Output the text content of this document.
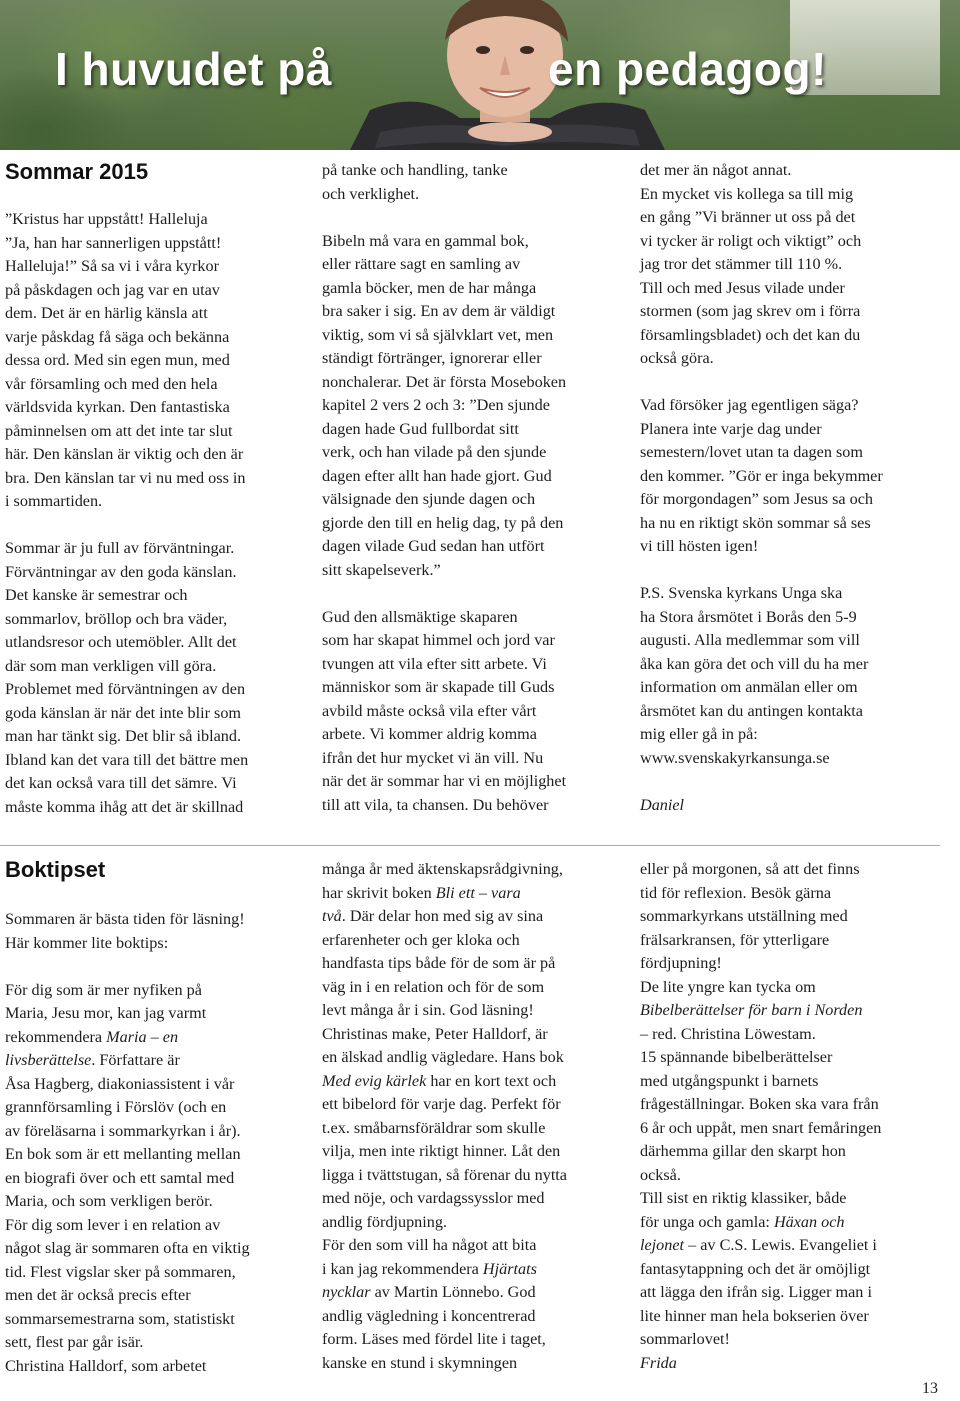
I huvudet på	en pedagog!
Sommar 2015
”Kristus har uppstått! Halleluja
”Ja, han har sannerligen uppstått!
Halleluja!” Så sa vi i våra kyrkor
på påskdagen och jag var en utav
dem. Det är en härlig känsla att
varje påskdag få säga och bekänna
dessa ord. Med sin egen mun, med
vår församling och med den hela
världsvida kyrkan. Den fantastiska
påminnelsen om att det inte tar slut
här. Den känslan är viktig och den är
bra. Den känslan tar vi nu med oss in
i sommartiden.

Sommar är ju full av förväntningar.
Förväntningar av den goda känslan.
Det kanske är semestrar och
sommarlov, bröllop och bra väder,
utlandsresor och utemöbler. Allt det
där som man verkligen vill göra.
Problemet med förväntningen av den
goda känslan är när det inte blir som
man har tänkt sig. Det blir så ibland.
Ibland kan det vara till det bättre men
det kan också vara till det sämre. Vi
måste komma ihåg att det är skillnad
på tanke och handling, tanke
och verklighet.

Bibeln må vara en gammal bok,
eller rättare sagt en samling av
gamla böcker, men de har många
bra saker i sig. En av dem är väldigt
viktig, som vi så självklart vet, men
ständigt förtränger, ignorerar eller
nonchalerar. Det är första Moseboken
kapitel 2 vers 2 och 3: ”Den sjunde
dagen hade Gud fullbordat sitt
verk, och han vilade på den sjunde
dagen efter allt han hade gjort. Gud
välsignade den sjunde dagen och
gjorde den till en helig dag, ty på den
dagen vilade Gud sedan han utfört
sitt skapelseverk.”

Gud den allsmäktige skaparen
som har skapat himmel och jord var
tvungen att vila efter sitt arbete. Vi
människor som är skapade till Guds
avbild måste också vila efter vårt
arbete. Vi kommer aldrig komma
ifrån det hur mycket vi än vill. Nu
när det är sommar har vi en möjlighet
till att vila, ta chansen. Du behöver
det mer än något annat.
En mycket vis kollega sa till mig
en gång ”Vi bränner ut oss på det
vi tycker är roligt och viktigt” och
jag tror det stämmer till 110 %.
Till och med Jesus vilade under
stormen (som jag skrev om i förra
församlingsbladet) och det kan du
också göra.

Vad försöker jag egentligen säga?
Planera inte varje dag under
semestern/lovet utan ta dagen som
den kommer. ”Gör er inga bekymmer
för morgondagen” som Jesus sa och
ha nu en riktigt skön sommar så ses
vi till hösten igen!

P.S. Svenska kyrkans Unga ska
ha Stora årsmötet i Borås den 5-9
augusti. Alla medlemmar som vill
åka kan göra det och vill du ha mer
information om anmälan eller om
årsmötet kan du antingen kontakta
mig eller gå in på:
www.svenskakyrkansunga.se

Daniel
Boktipset
Sommaren är bästa tiden för läsning!
Här kommer lite boktips:

För dig som är mer nyfiken på
Maria, Jesu mor, kan jag varmt
rekommendera Maria – en
livsberättelse. Författare är
Åsa Hagberg, diakoniassistent i vår
grannförsamling i Förslöv (och en
av föreläsarna i sommarkyrkan i år).
En bok som är ett mellanting mellan
en biografi över och ett samtal med
Maria, och som verkligen berör.
För dig som lever i en relation av
något slag är sommaren ofta en viktig
tid. Flest vigslar sker på sommaren,
men det är också precis efter
sommarsemestrarna som, statistiskt
sett, flest par går isär.
Christina Halldorf, som arbetet
många år med äktenskapsrådgivning,
har skrivit boken Bli ett – vara
två. Där delar hon med sig av sina
erfarenheter och ger kloka och
handfasta tips både för de som är på
väg in i en relation och för de som
levt många år i sin. God läsning!
Christinas make, Peter Halldorf, är
en älskad andlig vägledare. Hans bok
Med evig kärlek har en kort text och
ett bibelord för varje dag. Perfekt för
t.ex. småbarnsföräldrar som skulle
vilja, men inte riktigt hinner. Låt den
ligga i tvättstugan, så förenar du nytta
med nöje, och vardagssysslor med
andlig fördjupning.
För den som vill ha något att bita
i kan jag rekommendera Hjärtats
nycklar av Martin Lönnebo. God
andlig vägledning i koncentrerad
form. Läses med fördel lite i taget,
kanske en stund i skymningen
eller på morgonen, så att det finns
tid för reflexion. Besök gärna
sommarkyrkans utställning med
frälsarkransen, för ytterligare
fördjupning!
De lite yngre kan tycka om
Bibelberättelser för barn i Norden
– red. Christina Löwestam.
15 spännande bibelberättelser
med utgångspunkt i barnets
frågeställningar. Boken ska vara från
6 år och uppåt, men snart femåringen
därhemma gillar den skarpt hon
också.
Till sist en riktig klassiker, både
för unga och gamla: Häxan och
lejonet – av C.S. Lewis. Evangeliet i
fantasytappning och det är omöjligt
att lägga den ifrån sig. Ligger man i
lite hinner man hela bokserien över
sommarlovet!
Frida
13
